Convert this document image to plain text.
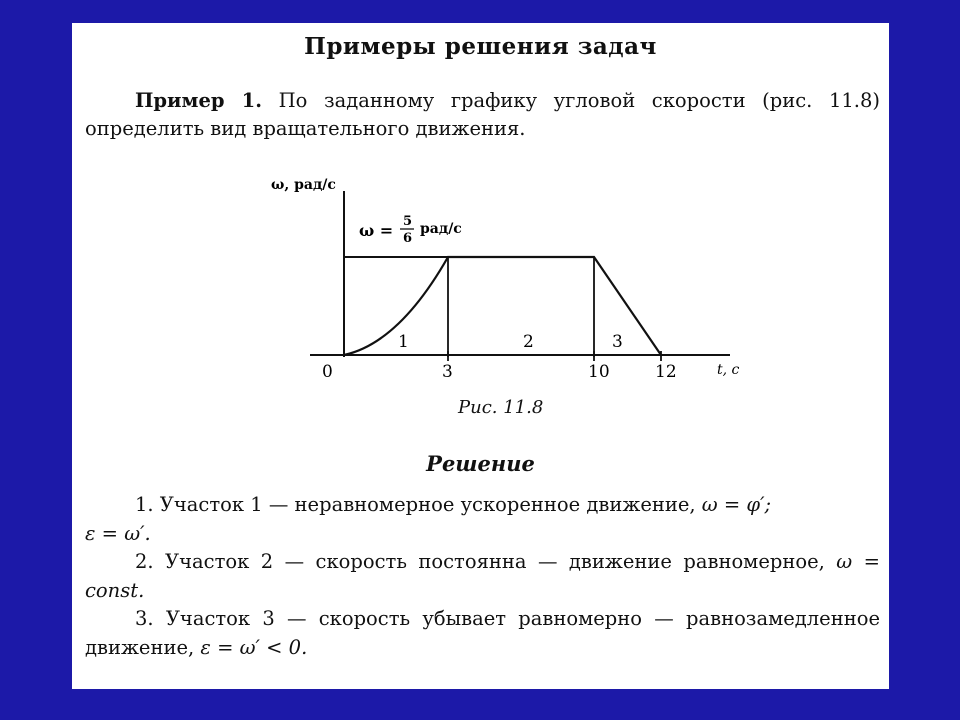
Примеры решения задач
Пример 1. По заданному графику угловой скорости (рис. 11.8) определить вид вращательного движения.
1	2	3
0	3	10	12
ω, рад/с
t, с
ω = 5
6
рад/с
Рис. 11.8
Решение

1. Участок 1 — неравномерное ускоренное движение, ω = φ′;
ε = ω′.

2. Участок 2 — скорость постоянна — движение равномерное, ω = const.

3. Участок 3 — скорость убывает равномерно — равнозамедленное движение, ε = ω′ < 0.
